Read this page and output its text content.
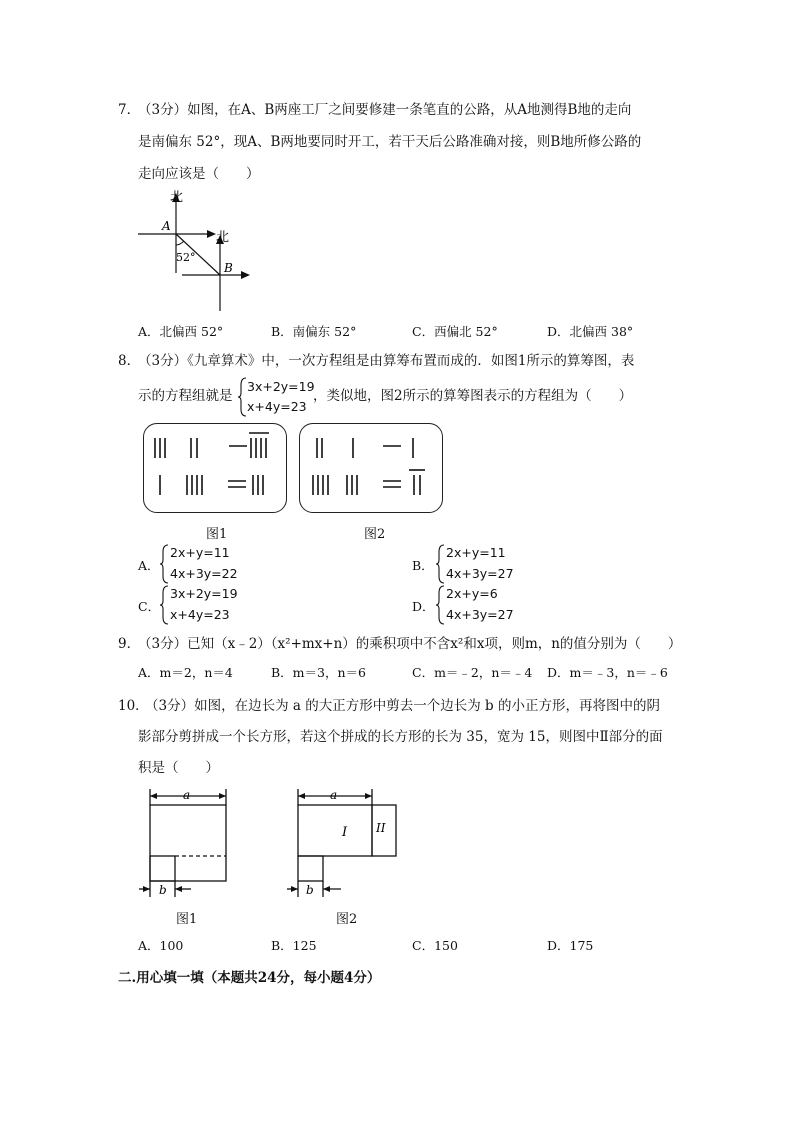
7．
（3分）如图，在A、B两座工厂之间要修建一条笔直的公路，从A地测得B地的走向
是南偏东 52°，现A、B两地要同时开工，若干天后公路准确对接，则B地所修公路的
走向应该是（　　）
北
北
A
B
52°
A．北偏西 52°	B．南偏东 52°	C．西偏北 52°	D．北偏西 38°
8．
（3分）《九章算术》中，一次方程组是由算筹布置而成的．如图1所示的算筹图，表
示的方程组就是
3x+2y=19
x+4y=23
，类似地，图2所示的算筹图表示的方程组为（　　）
图1	图2
A．
2x+y=11
4x+3y=22
B．
2x+y=11
4x+3y=27
C．
3x+2y=19
x+4y=23
D．
2x+y=6
4x+3y=27
9．
（3分）已知（x﹣2）（x²+mx+n）的乘积项中不含x²和x项，则m，n的值分别为（　　）
A．m＝2，n＝4	B．m＝3，n＝6	C．m＝﹣2，n＝﹣4 D．m＝﹣3，n＝﹣6
10．
（3分）如图，在边长为 a 的大正方形中剪去一个边长为 b 的小正方形，再将图中的阴
影部分剪拼成一个长方形，若这个拼成的长方形的长为 35，宽为 15，则图中Ⅱ部分的面
积是（　　）
a
b
a
b
I II
图1	图2
A．100	B．125	C．150	D．175
二.用心填一填（本题共24分，每小题4分）
